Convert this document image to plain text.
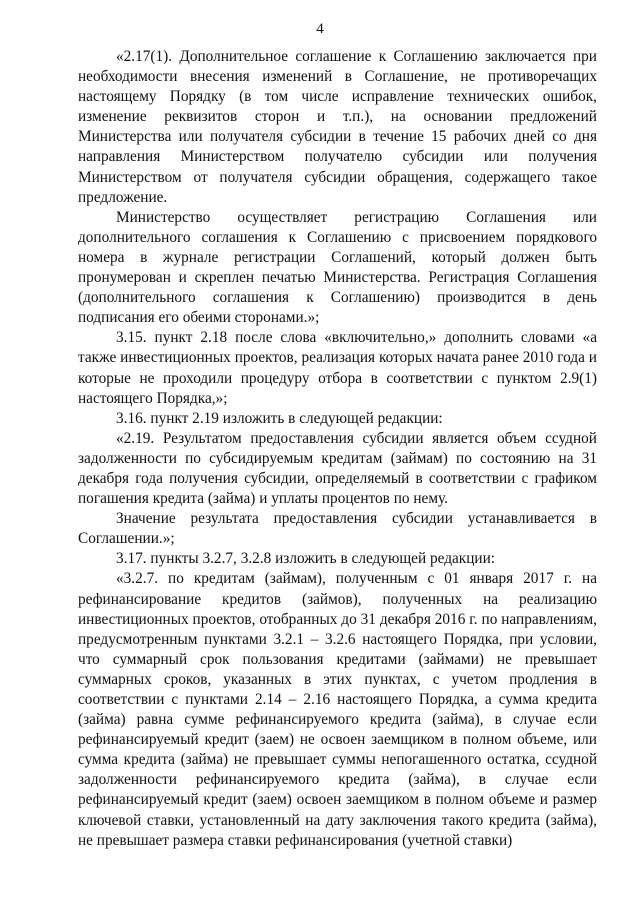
4

«2.17(1). Дополнительное соглашение к Соглашению заключается при необходимости внесения изменений в Соглашение, не противоречащих настоящему Порядку (в том числе исправление технических ошибок, изменение реквизитов сторон и т.п.), на основании предложений Министерства или получателя субсидии в течение 15 рабочих дней со дня направления Министерством получателю субсидии или получения Министерством от получателя субсидии обращения, содержащего такое предложение.

Министерство осуществляет регистрацию Соглашения или дополнительного соглашения к Соглашению с присвоением порядкового номера в журнале регистрации Соглашений, который должен быть пронумерован и скреплен печатью Министерства. Регистрация Соглашения (дополнительного соглашения к Соглашению) производится в день подписания его обеими сторонами.»;

3.15. пункт 2.18 после слова «включительно,» дополнить словами «а также инвестиционных проектов, реализация которых начата ранее 2010 года и которые не проходили процедуру отбора в соответствии с пунктом 2.9(1) настоящего Порядка,»;

3.16. пункт 2.19 изложить в следующей редакции:

«2.19. Результатом предоставления субсидии является объем ссудной задолженности по субсидируемым кредитам (займам) по состоянию на 31 декабря года получения субсидии, определяемый в соответствии с графиком погашения кредита (займа) и уплаты процентов по нему.

Значение результата предоставления субсидии устанавливается в Соглашении.»;

3.17. пункты 3.2.7, 3.2.8 изложить в следующей редакции:

«3.2.7. по кредитам (займам), полученным с 01 января 2017 г. на рефинансирование кредитов (займов), полученных на реализацию инвестиционных проектов, отобранных до 31 декабря 2016 г. по направлениям, предусмотренным пунктами 3.2.1 – 3.2.6 настоящего Порядка, при условии, что суммарный срок пользования кредитами (займами) не превышает суммарных сроков, указанных в этих пунктах, с учетом продления в соответствии с пунктами 2.14 – 2.16 настоящего Порядка, а сумма кредита (займа) равна сумме рефинансируемого кредита (займа), в случае если рефинансируемый кредит (заем) не освоен заемщиком в полном объеме, или сумма кредита (займа) не превышает суммы непогашенного остатка, ссудной задолженности рефинансируемого кредита (займа), в случае если рефинансируемый кредит (заем) освоен заемщиком в полном объеме и размер ключевой ставки, установленный на дату заключения такого кредита (займа), не превышает размера ставки рефинансирования (учетной ставки)
